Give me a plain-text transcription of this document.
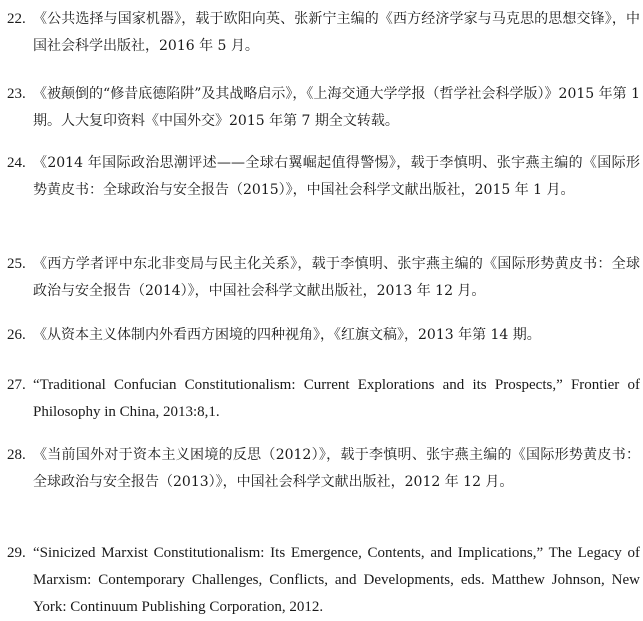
22. 《公共选择与国家机器》，载于欧阳向英、张新宁主编的《西方经济学家与马克思的思想交锋》，中国社会科学出版社，2016 年 5 月。
23. 《被颠倒的“修昔底德陷阱”及其战略启示》，《上海交通大学学报（哲学社会科学版）》2015 年第 1 期。人大复印资料《中国外交》2015 年第 7 期全文转载。
24. 《2014 年国际政治思潮评述——全球右翼崛起值得警惕》，载于李慎明、张宇燕主编的《国际形势黄皮书：全球政治与安全报告（2015）》，中国社会科学文献出版社，2015 年 1 月。
25. 《西方学者评中东北非变局与民主化关系》，载于李慎明、张宇燕主编的《国际形势黄皮书：全球政治与安全报告（2014）》，中国社会科学文献出版社，2013 年 12 月。
26. 《从资本主义体制内外看西方困境的四种视角》，《红旗文稿》，2013 年第 14 期。
27. “Traditional Confucian Constitutionalism: Current Explorations and its Prospects,” Frontier of Philosophy in China, 2013:8,1.
28. 《当前国外对于资本主义困境的反思（2012）》，载于李慎明、张宇燕主编的《国际形势黄皮书：全球政治与安全报告（2013）》，中国社会科学文献出版社，2012 年 12 月。
29. “Sinicized Marxist Constitutionalism: Its Emergence, Contents, and Implications,” The Legacy of Marxism: Contemporary Challenges, Conflicts, and Developments, eds. Matthew Johnson, New York: Continuum Publishing Corporation, 2012.
